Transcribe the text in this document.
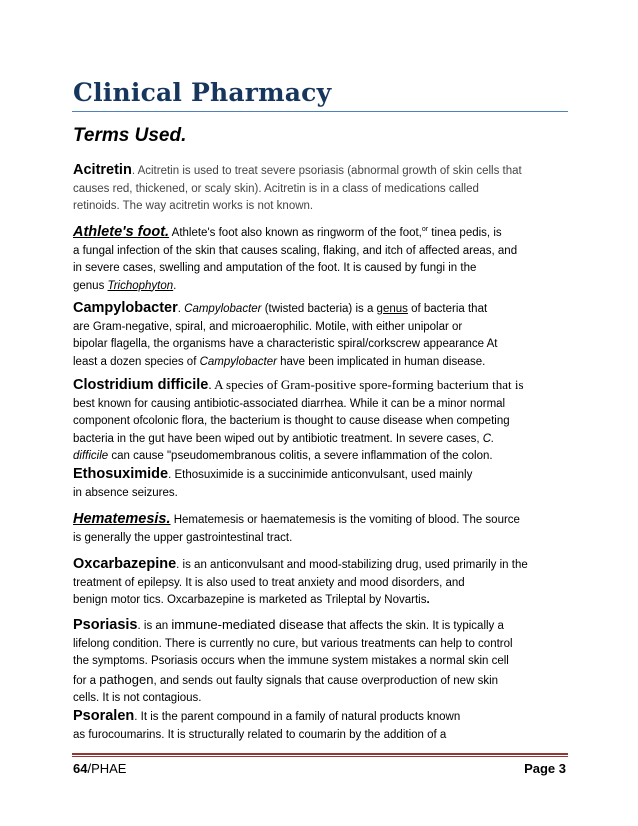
Clinical Pharmacy
Terms Used.
Acitretin. Acitretin is used to treat severe psoriasis (abnormal growth of skin cells that
causes red, thickened, or scaly skin). Acitretin is in a class of medications called
retinoids. The way acitretin works is not known.
Athlete's foot. Athlete's foot also known as ringworm of the foot,$^{or}$ tinea pedis, is
a fungal infection of the skin that causes scaling, flaking, and itch of affected areas, and
in severe cases, swelling and amputation of the foot. It is caused by fungi in the
genus Trichophyton.
Campylobacter. Campylobacter (twisted bacteria) is a genus of bacteria that
are Gram-negative, spiral, and microaerophilic. Motile, with either unipolar or
bipolar flagella, the organisms have a characteristic spiral/corkscrew appearance At
least a dozen species of Campylobacter have been implicated in human disease.
Clostridium difficile. A species of Gram-positive spore-forming bacterium that is
best known for causing antibiotic-associated diarrhea. While it can be a minor normal
component ofcolonic flora, the bacterium is thought to cause disease when competing
bacteria in the gut have been wiped out by antibiotic treatment. In severe cases, C.
difficile can cause "pseudomembranous colitis, a severe inflammation of the colon.
Ethosuximide. Ethosuximide is a succinimide anticonvulsant, used mainly
in absence seizures.
Hematemesis. Hematemesis or haematemesis is the vomiting of blood. The source
is generally the upper gastrointestinal tract.
Oxcarbazepine. is an anticonvulsant and mood-stabilizing drug, used primarily in the
treatment of epilepsy. It is also used to treat anxiety and mood disorders, and
benign motor tics. Oxcarbazepine is marketed as Trileptal by Novartis.
Psoriasis. is an immune-mediated disease that affects the skin. It is typically a
lifelong condition. There is currently no cure, but various treatments can help to control
the symptoms. Psoriasis occurs when the immune system mistakes a normal skin cell
for a pathogen, and sends out faulty signals that cause overproduction of new skin
cells. It is not contagious.
Psoralen. It is the parent compound in a family of natural products known
as furocoumarins. It is structurally related to coumarin by the addition of a
64/PHAE	Page 3
